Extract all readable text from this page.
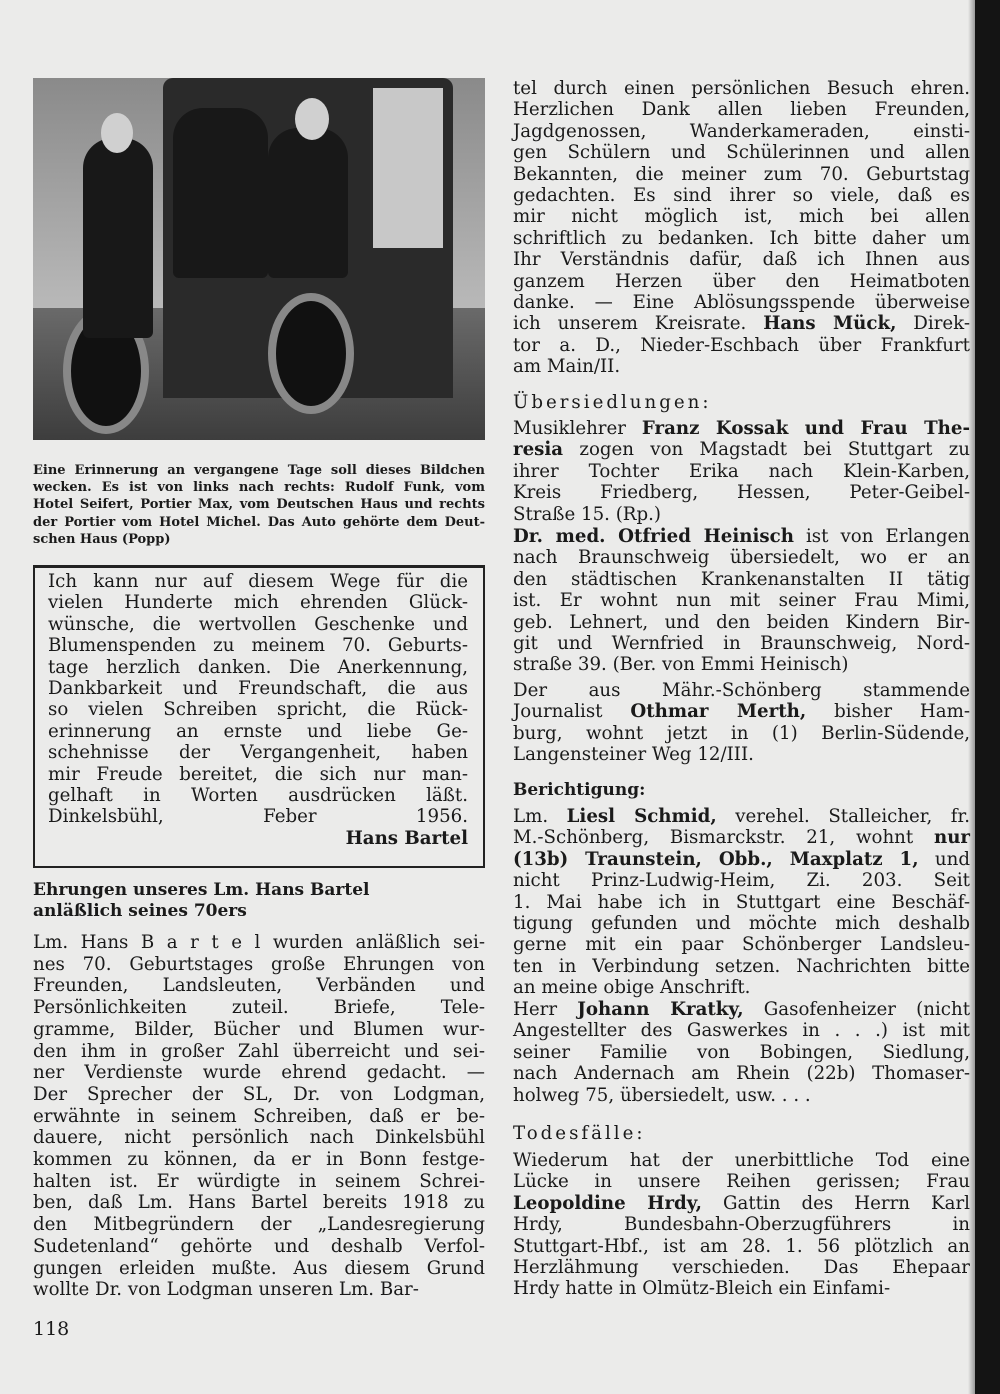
Eine Erinnerung an vergangene Tage soll dieses Bildchen
wecken. Es ist von links nach rechts: Rudolf Funk, vom
Hotel Seifert, Portier Max, vom Deutschen Haus und rechts
der Portier vom Hotel Michel. Das Auto gehörte dem Deut-
schen Haus (Popp)
Ich kann nur auf diesem Wege für die
vielen Hunderte mich ehrenden Glück-
wünsche, die wertvollen Geschenke und
Blumenspenden zu meinem 70. Geburts-
tage herzlich danken. Die Anerkennung,
Dankbarkeit und Freundschaft, die aus
so vielen Schreiben spricht, die Rück-
erinnerung an ernste und liebe Ge-
schehnisse der Vergangenheit, haben
mir Freude bereitet, die sich nur man-
gelhaft in Worten ausdrücken läßt.
Dinkelsbühl, Feber 1956.
Hans Bartel
Ehrungen unseres Lm. Hans Bartel
anläßlich seines 70ers
Lm. Hans B a r t e l wurden anläßlich sei-
nes 70. Geburtstages große Ehrungen von
Freunden, Landsleuten, Verbänden und
Persönlichkeiten zuteil. Briefe, Tele-
gramme, Bilder, Bücher und Blumen wur-
den ihm in großer Zahl überreicht und sei-
ner Verdienste wurde ehrend gedacht. —
Der Sprecher der SL, Dr. von Lodgman,
erwähnte in seinem Schreiben, daß er be-
dauere, nicht persönlich nach Dinkelsbühl
kommen zu können, da er in Bonn festge-
halten ist. Er würdigte in seinem Schrei-
ben, daß Lm. Hans Bartel bereits 1918 zu
den Mitbegründern der „Landesregierung
Sudetenland“ gehörte und deshalb Verfol-
gungen erleiden mußte. Aus diesem Grund
wollte Dr. von Lodgman unseren Lm. Bar-
tel durch einen persönlichen Besuch ehren.
Herzlichen Dank allen lieben Freunden,
Jagdgenossen, Wanderkameraden, einsti-
gen Schülern und Schülerinnen und allen
Bekannten, die meiner zum 70. Geburtstag
gedachten. Es sind ihrer so viele, daß es
mir nicht möglich ist, mich bei allen
schriftlich zu bedanken. Ich bitte daher um
Ihr Verständnis dafür, daß ich Ihnen aus
ganzem Herzen über den Heimatboten
danke. — Eine Ablösungsspende überweise
ich unserem Kreisrate. Hans Mück, Direk-
tor a. D., Nieder-Eschbach über Frankfurt
am Main/II.
Übersiedlungen:
Musiklehrer Franz Kossak und Frau The-
resia zogen von Magstadt bei Stuttgart zu
ihrer Tochter Erika nach Klein-Karben,
Kreis Friedberg, Hessen, Peter-Geibel-
Straße 15. (Rp.)
Dr. med. Otfried Heinisch ist von Erlangen
nach Braunschweig übersiedelt, wo er an
den städtischen Krankenanstalten II tätig
ist. Er wohnt nun mit seiner Frau Mimi,
geb. Lehnert, und den beiden Kindern Bir-
git und Wernfried in Braunschweig, Nord-
straße 39. (Ber. von Emmi Heinisch)
Der aus Mähr.-Schönberg stammende
Journalist Othmar Merth, bisher Ham-
burg, wohnt jetzt in (1) Berlin-Südende,
Langensteiner Weg 12/III.
Berichtigung:
Lm. Liesl Schmid, verehel. Stalleicher, fr.
M.-Schönberg, Bismarckstr. 21, wohnt nur
(13b) Traunstein, Obb., Maxplatz 1, und
nicht Prinz-Ludwig-Heim, Zi. 203. Seit
1. Mai habe ich in Stuttgart eine Beschäf-
tigung gefunden und möchte mich deshalb
gerne mit ein paar Schönberger Landsleu-
ten in Verbindung setzen. Nachrichten bitte
an meine obige Anschrift.
Herr Johann Kratky, Gasofenheizer (nicht
Angestellter des Gaswerkes in . . .) ist mit
seiner Familie von Bobingen, Siedlung,
nach Andernach am Rhein (22b) Thomaser-
holweg 75, übersiedelt, usw. . . .
Todesfälle:
Wiederum hat der unerbittliche Tod eine
Lücke in unsere Reihen gerissen; Frau
Leopoldine Hrdy, Gattin des Herrn Karl
Hrdy, Bundesbahn-Oberzugführers in
Stuttgart-Hbf., ist am 28. 1. 56 plötzlich an
Herzlähmung verschieden. Das Ehepaar
Hrdy hatte in Olmütz-Bleich ein Einfami-
118
